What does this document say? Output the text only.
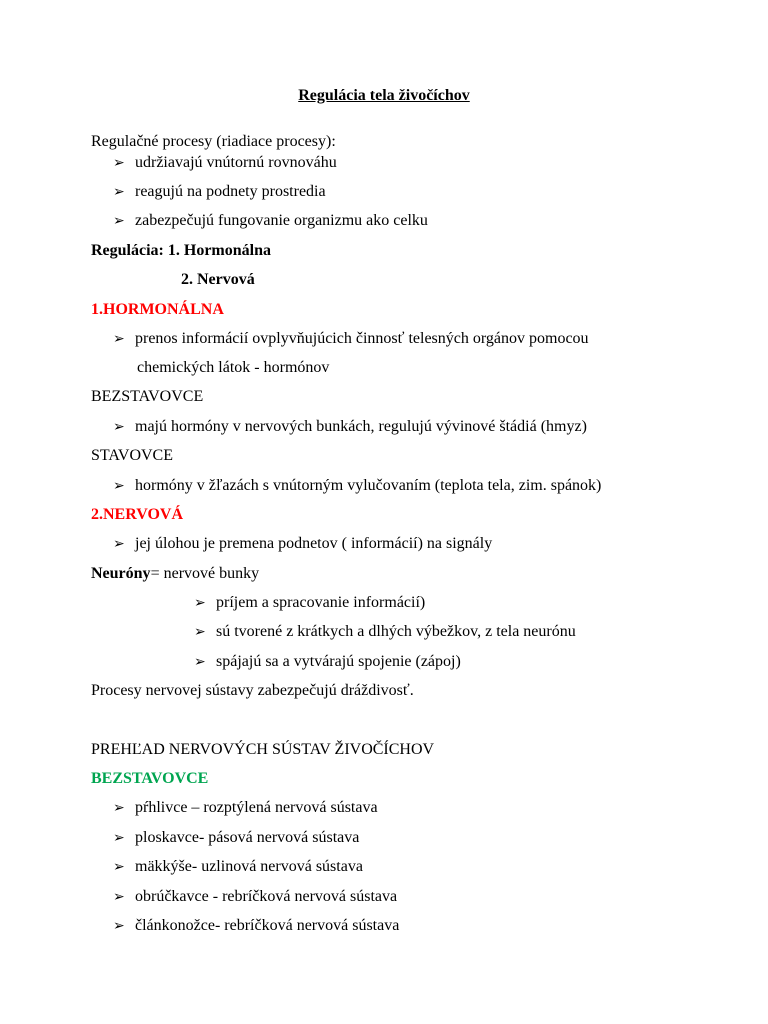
Regulácia tela živočíchov
Regulačné procesy (riadiace procesy):
➢ udržiavajú vnútornú rovnováhu
➢ reagujú na podnety prostredia
➢ zabezpečujú fungovanie organizmu ako celku
Regulácia: 1. Hormonálna
2. Nervová
1.HORMONÁLNA
➢ prenos informácií ovplyvňujúcich činnosť telesných orgánov pomocou
chemických látok - hormónov
BEZSTAVOVCE
➢ majú hormóny v nervových bunkách, regulujú vývinové štádiá (hmyz)
STAVOVCE
➢ hormóny v žľazách s vnútorným vylučovaním (teplota tela, zim. spánok)
2.NERVOVÁ
➢ jej úlohou je premena podnetov ( informácií) na signály
Neuróny= nervové bunky
➢ príjem a spracovanie informácií)
➢ sú tvorené z krátkych a dlhých výbežkov, z tela neurónu
➢ spájajú sa a vytvárajú spojenie (zápoj)
Procesy nervovej sústavy zabezpečujú dráždivosť.
PREHĽAD NERVOVÝCH SÚSTAV ŽIVOČÍCHOV
BEZSTAVOVCE
➢ pŕhlivce – rozptýlená nervová sústava
➢ ploskavce- pásová nervová sústava
➢ mäkkýše- uzlinová nervová sústava
➢ obrúčkavce - rebríčková nervová sústava
➢ článkonožce- rebríčková nervová sústava
